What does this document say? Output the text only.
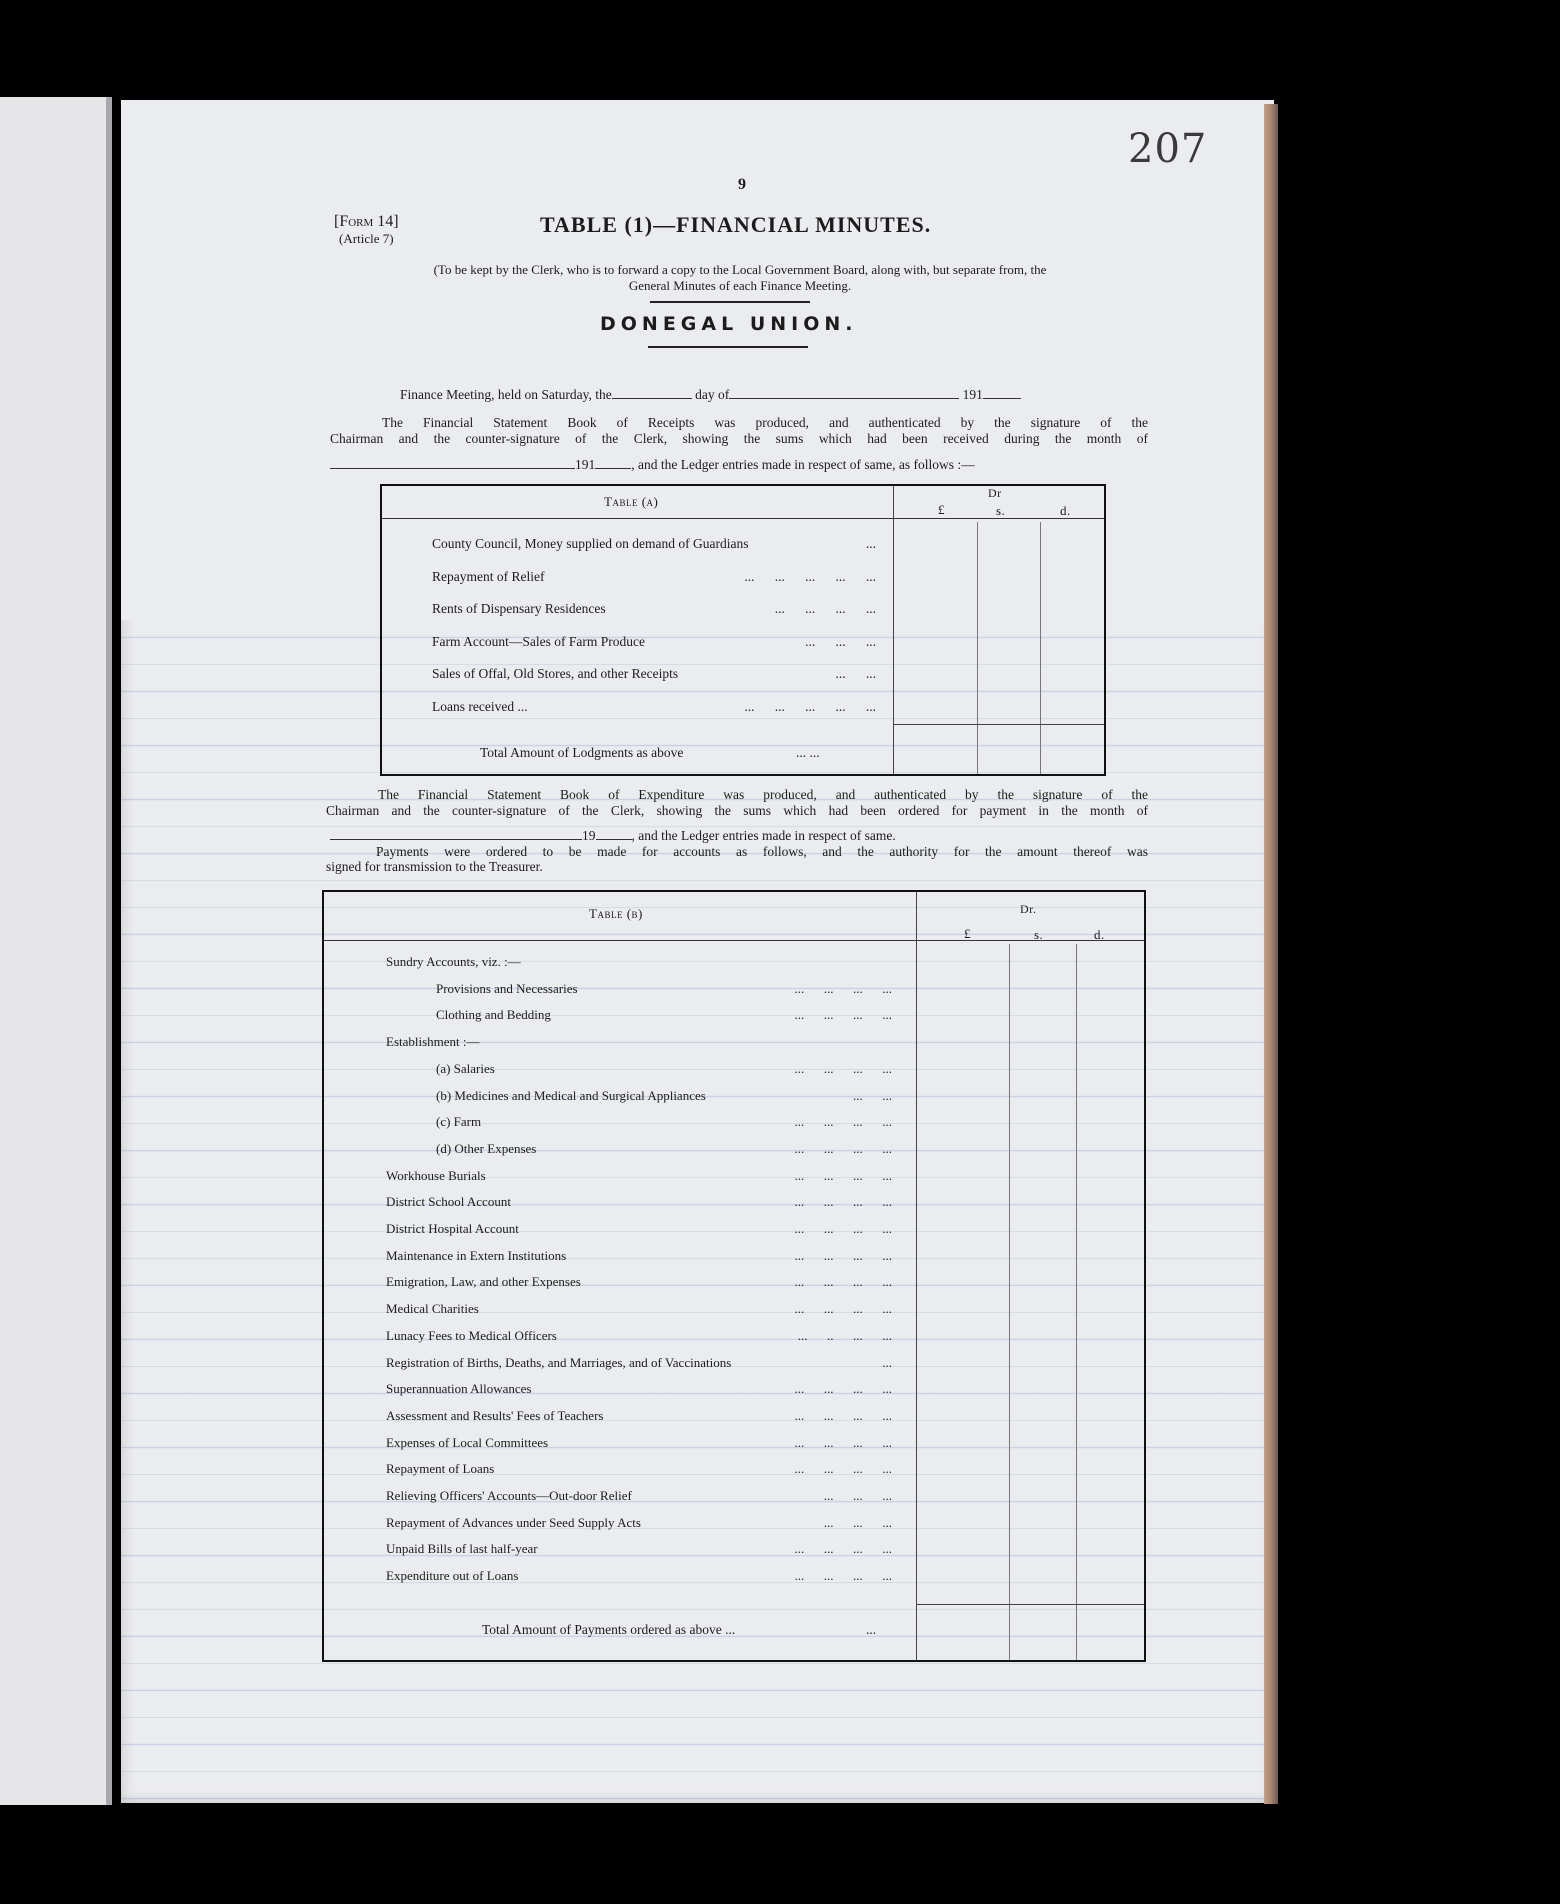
207
9
[Form 14]
(Article 7)
TABLE (1)—FINANCIAL MINUTES.
(To be kept by the Clerk, who is to forward a copy to the Local Government Board, along with, but separate from, the
General Minutes of each Finance Meeting.
DONEGAL UNION.
Finance Meeting, held on Saturday, the	day of	191
The Financial Statement Book of Receipts was produced, and authenticated by the signature of the
Chairman and the counter-signature of the Clerk, showing the sums which had been received during the month of
191	, and the Ledger entries made in respect of same, as follows :—
Table (a)
Dr
£	s.	d.
County Council, Money supplied on demand of Guardians	...
Repayment of Relief	...      ...      ...      ...      ...
Rents of Dispensary Residences	...      ...      ...      ...
Farm Account—Sales of Farm Produce	...      ...      ...
Sales of Offal, Old Stores, and other Receipts	...      ...
Loans received ...	...      ...      ...      ...      ...
Total Amount of Lodgments as above	... ...
The Financial Statement Book of Expenditure was produced, and authenticated by the signature of the
Chairman and the counter-signature of the Clerk, showing the sums which had been ordered for payment in the month of
19	, and the Ledger entries made in respect of same.
Payments were ordered to be made for accounts as follows, and the authority for the amount thereof was
signed for transmission to the Treasurer.
Table (b)	Dr.
£	s.	d.
Sundry Accounts, viz. :—
Provisions and Necessaries	...      ...      ...      ...
Clothing and Bedding	...      ...      ...      ...
Establishment :—
(a) Salaries	...      ...      ...      ...
(b) Medicines and Medical and Surgical Appliances	...      ...
(c) Farm	...      ...      ...      ...
(d) Other Expenses	...      ...      ...      ...
Workhouse Burials	...      ...      ...      ...
District School Account	...      ...      ...      ...
District Hospital Account	...      ...      ...      ...
Maintenance in Extern Institutions	...      ...      ...      ...
Emigration, Law, and other Expenses	...      ...      ...      ...
Medical Charities	...      ...      ...      ...
Lunacy Fees to Medical Officers	...      ..      ...      ...
Registration of Births, Deaths, and Marriages, and of Vaccinations	...
Superannuation Allowances	...      ...      ...      ...
Assessment and Results' Fees of Teachers	...      ...      ...      ...
Expenses of Local Committees	...      ...      ...      ...
Repayment of Loans	...      ...      ...      ...
Relieving Officers' Accounts—Out-door Relief	...      ...      ...
Repayment of Advances under Seed Supply Acts	...      ...      ...
Unpaid Bills of last half-year	...      ...      ...      ...
Expenditure out of Loans	...      ...      ...      ...
Total Amount of Payments ordered as above ...	...
